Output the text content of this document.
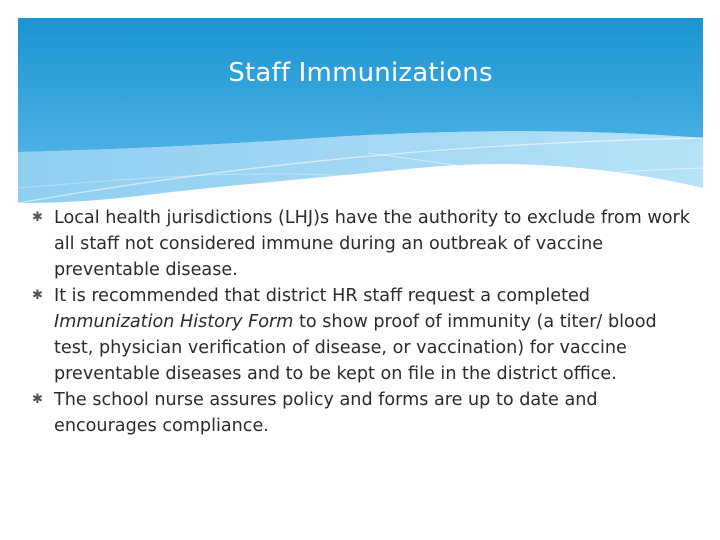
Staff Immunizations
✱ Local health jurisdictions (LHJ)s have the authority to exclude from work all staff not considered immune during an outbreak of vaccine preventable disease.
✱ It is recommended that district HR staff request a completed Immunization History Form to show proof of immunity (a titer/ blood test, physician verification of disease, or vaccination) for vaccine preventable diseases and to be kept on file in the district office.
✱ The school nurse assures policy and forms are up to date and encourages compliance.
